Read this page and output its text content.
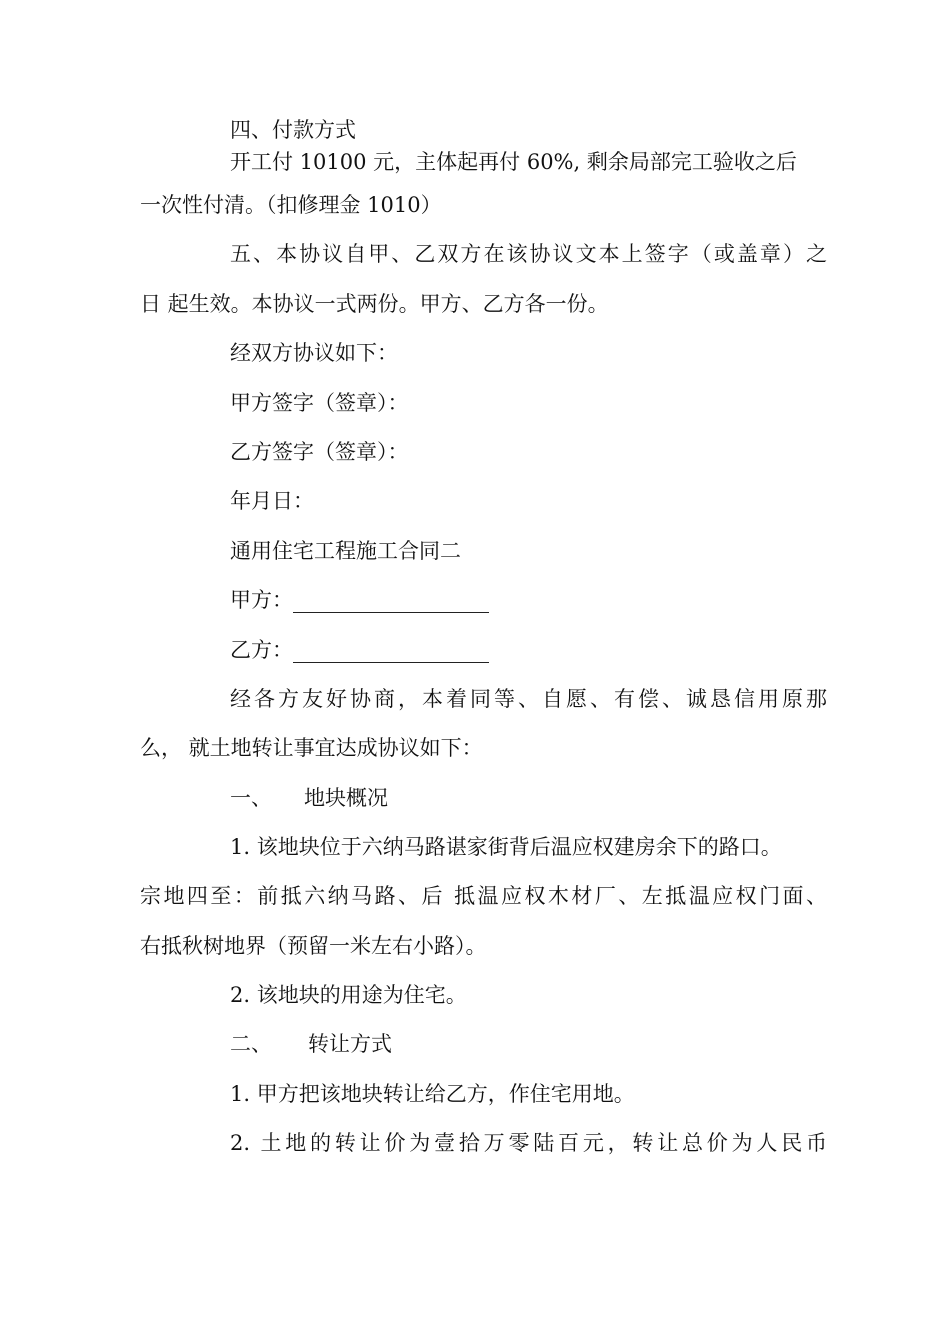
四、付款方式
开工付 10100 元，主体起再付 60%, 剩余局部完工验收之后
一次性付清。（扣修理金 1010）
五、本协议自甲、乙双方在该协议文本上签字（或盖章）之
日 起生效。本协议一式两份。甲方、乙方各一份。
经双方协议如下：
甲方签字（签章）：
乙方签字（签章）：
年月日：
通用住宅工程施工合同二
甲方：
乙方：
经各方友好协商，本着同等、自愿、有偿、诚恳信用原那
么， 就土地转让事宜达成协议如下：
一、 地块概况
1. 该地块位于六纳马路谌家街背后温应权建房余下的路口。
宗地四至：前抵六纳马路、后 抵温应权木材厂、左抵温应权门面、
右抵秋树地界（预留一米左右小路）。
2. 该地块的用途为住宅。
二、 转让方式
1. 甲方把该地块转让给乙方，作住宅用地。
2. 土地的转让价为壹拾万零陆百元，转让总价为人民币
